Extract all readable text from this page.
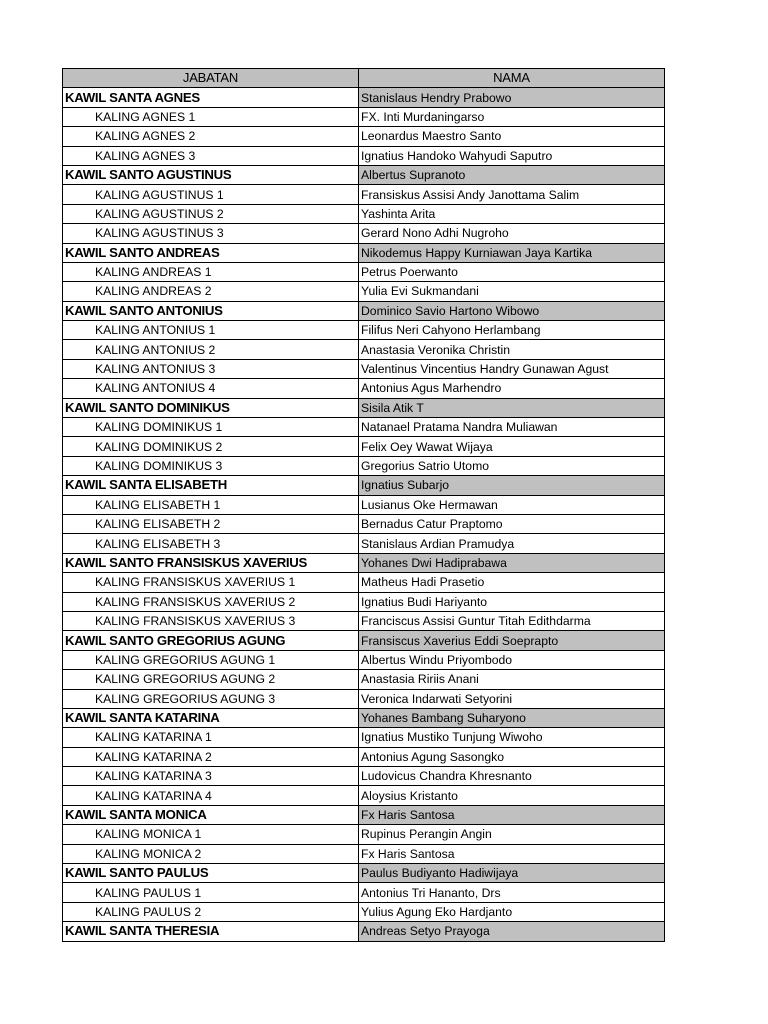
JABATAN	NAMA
KAWIL SANTA AGNES	Stanislaus Hendry Prabowo
KALING AGNES 1	FX. Inti Murdaningarso
KALING AGNES 2	Leonardus Maestro Santo
KALING AGNES 3	Ignatius Handoko Wahyudi Saputro
KAWIL SANTO AGUSTINUS	Albertus Supranoto
KALING AGUSTINUS 1	Fransiskus Assisi Andy Janottama Salim
KALING AGUSTINUS 2	Yashinta Arita
KALING AGUSTINUS 3	Gerard Nono Adhi Nugroho
KAWIL SANTO ANDREAS	Nikodemus Happy Kurniawan Jaya Kartika
KALING ANDREAS 1	Petrus Poerwanto
KALING ANDREAS 2	Yulia Evi Sukmandani
KAWIL SANTO ANTONIUS	Dominico Savio Hartono Wibowo
KALING ANTONIUS 1	Filifus Neri Cahyono Herlambang
KALING ANTONIUS 2	Anastasia Veronika Christin
KALING ANTONIUS 3	Valentinus Vincentius Handry Gunawan Agust
KALING ANTONIUS 4	Antonius Agus Marhendro
KAWIL SANTO DOMINIKUS	Sisila Atik T
KALING DOMINIKUS 1	Natanael Pratama Nandra Muliawan
KALING DOMINIKUS 2	Felix Oey Wawat Wijaya
KALING DOMINIKUS 3	Gregorius Satrio Utomo
KAWIL SANTA ELISABETH	Ignatius Subarjo
KALING ELISABETH 1	Lusianus Oke Hermawan
KALING ELISABETH 2	Bernadus Catur Praptomo
KALING ELISABETH 3	Stanislaus Ardian Pramudya
KAWIL SANTO FRANSISKUS XAVERIUS	Yohanes Dwi Hadiprabawa
KALING FRANSISKUS XAVERIUS 1	Matheus Hadi Prasetio
KALING FRANSISKUS XAVERIUS 2	Ignatius Budi Hariyanto
KALING FRANSISKUS XAVERIUS 3	Franciscus Assisi Guntur Titah Edithdarma
KAWIL SANTO GREGORIUS AGUNG	Fransiscus Xaverius Eddi Soeprapto
KALING GREGORIUS AGUNG 1	Albertus Windu Priyombodo
KALING GREGORIUS AGUNG 2	Anastasia Ririis Anani
KALING GREGORIUS AGUNG 3	Veronica Indarwati Setyorini
KAWIL SANTA KATARINA	Yohanes Bambang Suharyono
KALING KATARINA 1	Ignatius Mustiko Tunjung Wiwoho
KALING KATARINA 2	Antonius Agung Sasongko
KALING KATARINA 3	Ludovicus Chandra Khresnanto
KALING KATARINA 4	Aloysius Kristanto
KAWIL SANTA MONICA	Fx Haris Santosa
KALING MONICA 1	Rupinus Perangin Angin
KALING MONICA 2	Fx Haris Santosa
KAWIL SANTO PAULUS	Paulus Budiyanto Hadiwijaya
KALING PAULUS 1	Antonius Tri Hananto, Drs
KALING PAULUS 2	Yulius Agung Eko Hardjanto
KAWIL SANTA THERESIA	Andreas Setyo Prayoga
